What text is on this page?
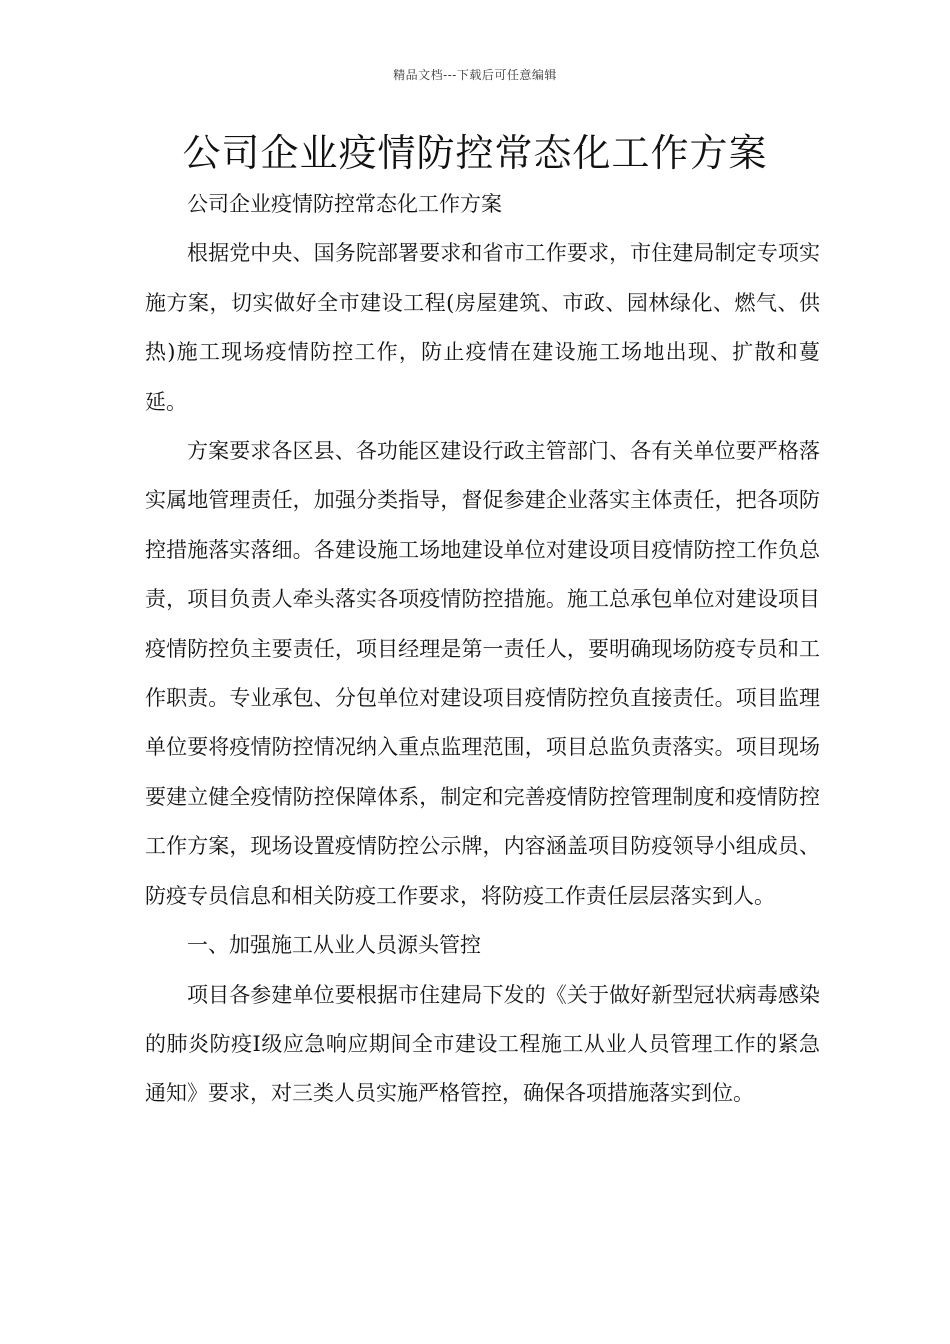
精品文档---下载后可任意编辑
公司企业疫情防控常态化工作方案

公司企业疫情防控常态化工作方案

根据党中央、国务院部署要求和省市工作要求，市住建局制定专项实施方案，切实做好全市建设工程(房屋建筑、市政、园林绿化、燃气、供热)施工现场疫情防控工作，防止疫情在建设施工场地出现、扩散和蔓延。

方案要求各区县、各功能区建设行政主管部门、各有关单位要严格落实属地管理责任，加强分类指导，督促参建企业落实主体责任，把各项防控措施落实落细。各建设施工场地建设单位对建设项目疫情防控工作负总责，项目负责人牵头落实各项疫情防控措施。施工总承包单位对建设项目疫情防控负主要责任，项目经理是第一责任人，要明确现场防疫专员和工作职责。专业承包、分包单位对建设项目疫情防控负直接责任。项目监理单位要将疫情防控情况纳入重点监理范围，项目总监负责落实。项目现场要建立健全疫情防控保障体系，制定和完善疫情防控管理制度和疫情防控工作方案，现场设置疫情防控公示牌，内容涵盖项目防疫领导小组成员、防疫专员信息和相关防疫工作要求，将防疫工作责任层层落实到人。

一、加强施工从业人员源头管控

项目各参建单位要根据市住建局下发的《关于做好新型冠状病毒感染的肺炎防疫Ⅰ级应急响应期间全市建设工程施工从业人员管理工作的紧急通知》要求，对三类人员实施严格管控，确保各项措施落实到位。
